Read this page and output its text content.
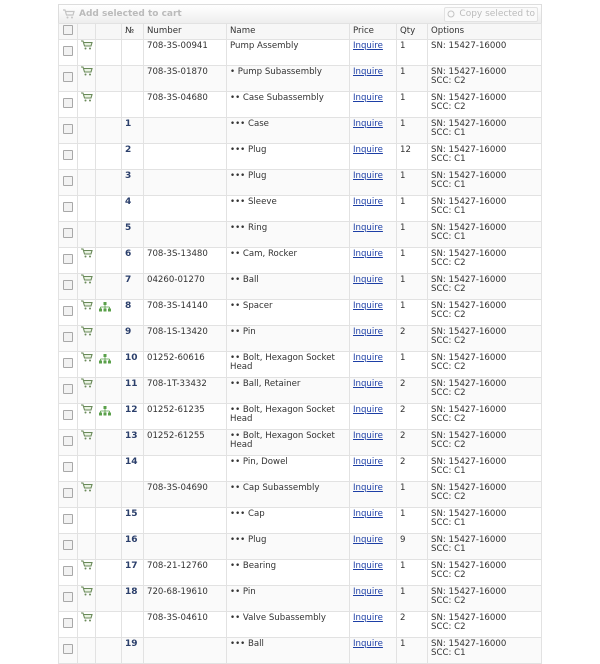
Add selected to cart	Copy selected to
			№	Number	Name	Price	Qty	Options
				708-3S-00941	Pump Assembly	Inquire	1	SN: 15427-16000

				708-3S-01870	• Pump Subassembly	Inquire	1	SN: 15427-16000
SCC: C2

				708-3S-04680	•• Case Subassembly	Inquire	1	SN: 15427-16000
SCC: C2

			1		••• Case	Inquire	1	SN: 15427-16000
SCC: C1

			2		••• Plug	Inquire	12	SN: 15427-16000
SCC: C1

			3		••• Plug	Inquire	1	SN: 15427-16000
SCC: C1

			4		••• Sleeve	Inquire	1	SN: 15427-16000
SCC: C1

			5		••• Ring	Inquire	1	SN: 15427-16000
SCC: C1

			6	708-3S-13480	•• Cam, Rocker	Inquire	1	SN: 15427-16000
SCC: C2

			7	04260-01270	•• Ball	Inquire	1	SN: 15427-16000
SCC: C2

			8	708-3S-14140	•• Spacer	Inquire	1	SN: 15427-16000
SCC: C2

			9	708-1S-13420	•• Pin	Inquire	2	SN: 15427-16000
SCC: C2

			10	01252-60616	•• Bolt, Hexagon Socket Head	Inquire	1	SN: 15427-16000
SCC: C2

			11	708-1T-33432	•• Ball, Retainer	Inquire	2	SN: 15427-16000
SCC: C2

			12	01252-61235	•• Bolt, Hexagon Socket Head	Inquire	2	SN: 15427-16000
SCC: C2

			13	01252-61255	•• Bolt, Hexagon Socket Head	Inquire	2	SN: 15427-16000
SCC: C2

			14		•• Pin, Dowel	Inquire	2	SN: 15427-16000
SCC: C1

				708-3S-04690	•• Cap Subassembly	Inquire	1	SN: 15427-16000
SCC: C2

			15		••• Cap	Inquire	1	SN: 15427-16000
SCC: C1

			16		••• Plug	Inquire	9	SN: 15427-16000
SCC: C1

			17	708-21-12760	•• Bearing	Inquire	1	SN: 15427-16000
SCC: C2

			18	720-68-19610	•• Pin	Inquire	1	SN: 15427-16000
SCC: C2

				708-3S-04610	•• Valve Subassembly	Inquire	2	SN: 15427-16000
SCC: C2

			19		••• Ball	Inquire	1	SN: 15427-16000
SCC: C1
